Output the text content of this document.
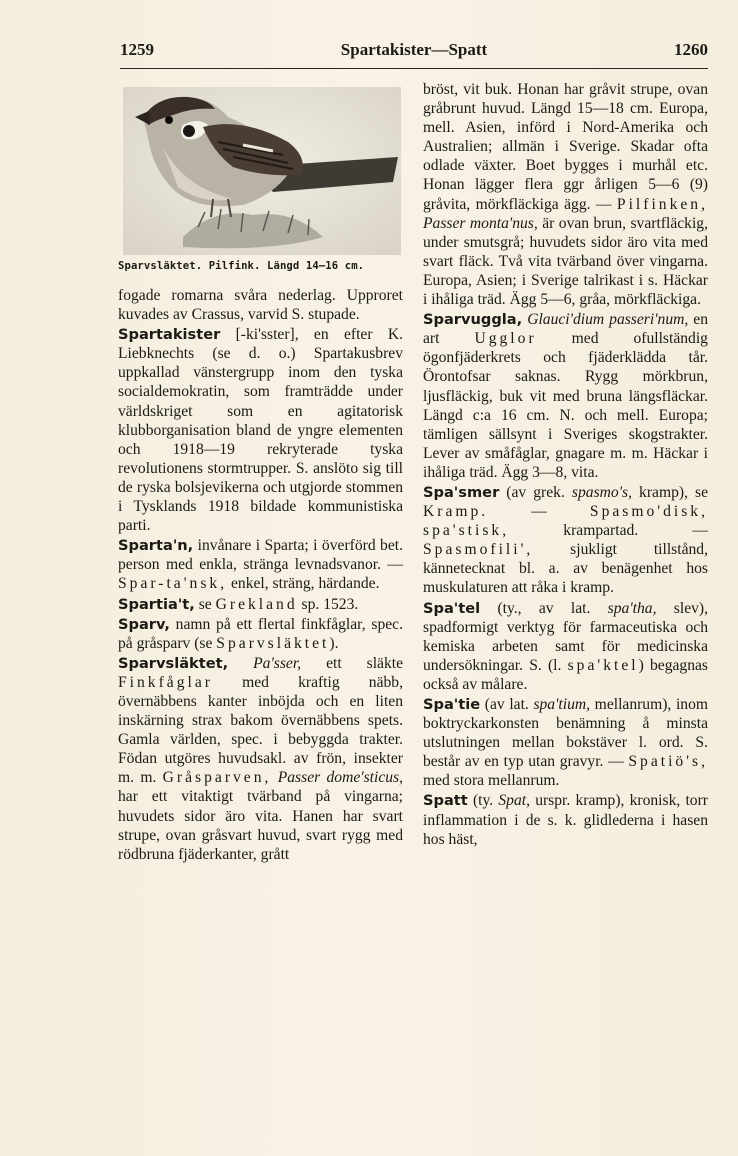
1259	Spartakister—Spatt	1260
Sparvsläktet. Pilfink. Längd 14—16 cm.

fogade romarna svåra nederlag. Upproret kuvades av Crassus, varvid S. stupade.

Spartakister [-ki'sster], en efter K. Liebknechts (se d. o.) Spartakusbrev uppkallad vänstergrupp inom den tyska socialdemokratin, som framträdde under världskriget som en agitatorisk klubborganisation bland de yngre elementen och 1918—19 rekryterade tyska revolutionens stormtrupper. S. anslöto sig till de ryska bolsjevikerna och utgjorde stommen i Tysklands 1918 bildade kommunistiska parti.

Sparta'n, invånare i Sparta; i överförd bet. person med enkla, stränga levnadsvanor. — Spar-ta'nsk, enkel, sträng, härdande.

Spartia't, se Grekland sp. 1523.

Sparv, namn på ett flertal finkfåglar, spec. på gråsparv (se Sparvsläktet).

Sparvsläktet, Pa'sser, ett släkte Finkfåglar med kraftig näbb, övernäbbens kanter inböjda och en liten inskärning strax bakom övernäbbens spets. Gamla världen, spec. i bebyggda trakter. Födan utgöres huvudsakl. av frön, insekter m. m. Gråsparven, Passer dome'sticus, har ett vitaktigt tvärband på vingarna; huvudets sidor äro vita. Hanen har svart strupe, ovan gråsvart huvud, svart rygg med rödbruna fjäderkanter, grått

bröst, vit buk. Honan har gråvit strupe, ovan gråbrunt huvud. Längd 15—18 cm. Europa, mell. Asien, införd i Nord-Amerika och Australien; allmän i Sverige. Skadar ofta odlade växter. Boet bygges i murhål etc. Honan lägger flera ggr årligen 5—6 (9) gråvita, mörkfläckiga ägg. — Pilfinken, Passer monta'nus, är ovan brun, svartfläckig, under smutsgrå; huvudets sidor äro vita med svart fläck. Två vita tvärband över vingarna. Europa, Asien; i Sverige talrikast i s. Häckar i ihåliga träd. Ägg 5—6, gråa, mörkfläckiga.

Sparvuggla, Glauci'dium passeri'num, en art Ugglor med ofullständig ögonfjäderkrets och fjäderklädda tår. Örontofsar saknas. Rygg mörkbrun, ljusfläckig, buk vit med bruna längsfläckar. Längd c:a 16 cm. N. och mell. Europa; tämligen sällsynt i Sveriges skogstrakter. Lever av småfåglar, gnagare m. m. Häckar i ihåliga träd. Ägg 3—8, vita.

Spa'smer (av grek. spasmo's, kramp), se Kramp. — Spasmo'disk, spa'stisk, krampartad. — Spasmofili', sjukligt tillstånd, kännetecknat bl. a. av benägenhet hos muskulaturen att råka i kramp.

Spa'tel (ty., av lat. spa'tha, slev), spadformigt verktyg för farmaceutiska och kemiska arbeten samt för medicinska undersökningar. S. (l. spa'ktel) begagnas också av målare.

Spa'tie (av lat. spa'tium, mellanrum), inom boktryckarkonsten benämning å minsta utslutningen mellan bokstäver l. ord. S. består av en typ utan gravyr. — Spatiö's, med stora mellanrum.

Spatt (ty. Spat, urspr. kramp), kronisk, torr inflammation i de s. k. glidlederna i hasen hos häst,
